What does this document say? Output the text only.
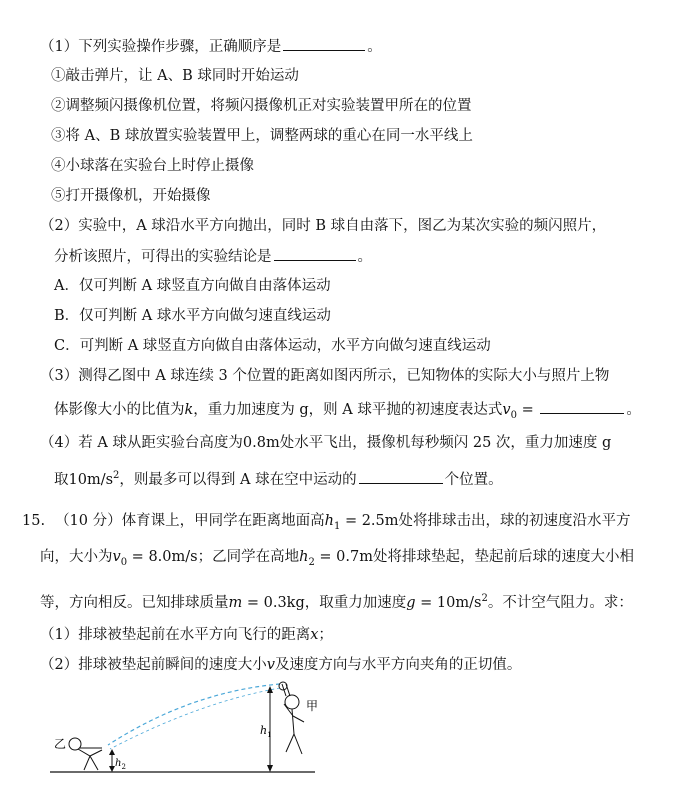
（1）下列实验操作步骤，正确顺序是	。
①敲击弹片，让 A、B 球同时开始运动
②调整频闪摄像机位置，将频闪摄像机正对实验装置甲所在的位置
③将 A、B 球放置实验装置甲上，调整两球的重心在同一水平线上
④小球落在实验台上时停止摄像
⑤打开摄像机，开始摄像
（2）实验中，A 球沿水平方向抛出，同时 B 球自由落下，图乙为某次实验的频闪照片，
分析该照片，可得出的实验结论是	。
A．仅可判断 A 球竖直方向做自由落体运动
B．仅可判断 A 球水平方向做匀速直线运动
C．可判断 A 球竖直方向做自由落体运动，水平方向做匀速直线运动
（3）测得乙图中 A 球连续 3 个位置的距离如图丙所示，已知物体的实际大小与照片上物
体影像大小的比值为k，重力加速度为 g，则 A 球平抛的初速度表达式$v_0$ =	。
（4）若 A 球从距实验台高度为0.8m处水平飞出，摄像机每秒频闪 25 次，重力加速度 g
取$10m/s^2$，则最多可以得到 A 球在空中运动的	个位置。
15. （10 分）体育课上，甲同学在距离地面高$h_1 = 2.5m$处将排球击出，球的初速度沿水平方
向，大小为$v_0 = 8.0m/s$；乙同学在高地$h_2 = 0.7m$处将排球垫起，垫起前后球的速度大小相
等，方向相反。已知排球质量m = 0.3kg，取重力加速度$g = 10m/s^2$。不计空气阻力。求：
（1）排球被垫起前在水平方向飞行的距离x；
（2）排球被垫起前瞬间的速度大小v及速度方向与水平方向夹角的正切值。
$h_1$
甲
乙
$h_2$
